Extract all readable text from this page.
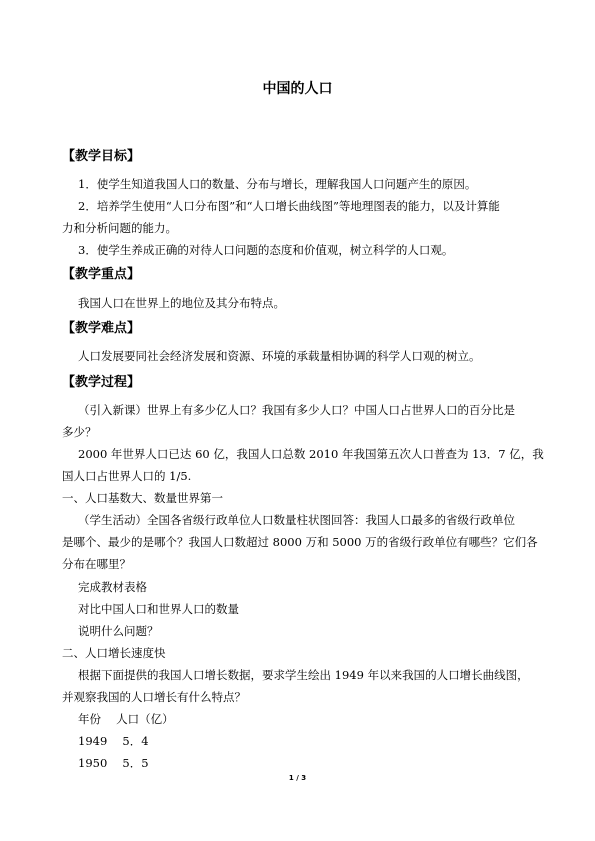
中国的人口
【教学目标】
1．使学生知道我国人口的数量、分布与增长，理解我国人口问题产生的原因。
2．培养学生使用“人口分布图”和“人口增长曲线图”等地理图表的能力，以及计算能
力和分析问题的能力。
3．使学生养成正确的对待人口问题的态度和价值观，树立科学的人口观。
【教学重点】
我国人口在世界上的地位及其分布特点。
【教学难点】
人口发展要同社会经济发展和资源、环境的承载量相协调的科学人口观的树立。
【教学过程】
（引入新课）世界上有多少亿人口？我国有多少人口？中国人口占世界人口的百分比是
多少？
2000 年世界人口已达 60 亿，我国人口总数 2010 年我国第五次人口普查为 13．7 亿，我
国人口占世界人口的 1/5.
一、人口基数大、数量世界第一
（学生活动）全国各省级行政单位人口数量柱状图回答：我国人口最多的省级行政单位
是哪个、最少的是哪个？我国人口数超过 8000 万和 5000 万的省级行政单位有哪些？它们各
分布在哪里？
完成教材表格
对比中国人口和世界人口的数量
说明什么问题？
二、人口增长速度快
根据下面提供的我国人口增长数据，要求学生绘出 1949 年以来我国的人口增长曲线图，
并观察我国的人口增长有什么特点？
年份　 人口（亿）
1949　 5．4
1950　 5．5
1 / 3
